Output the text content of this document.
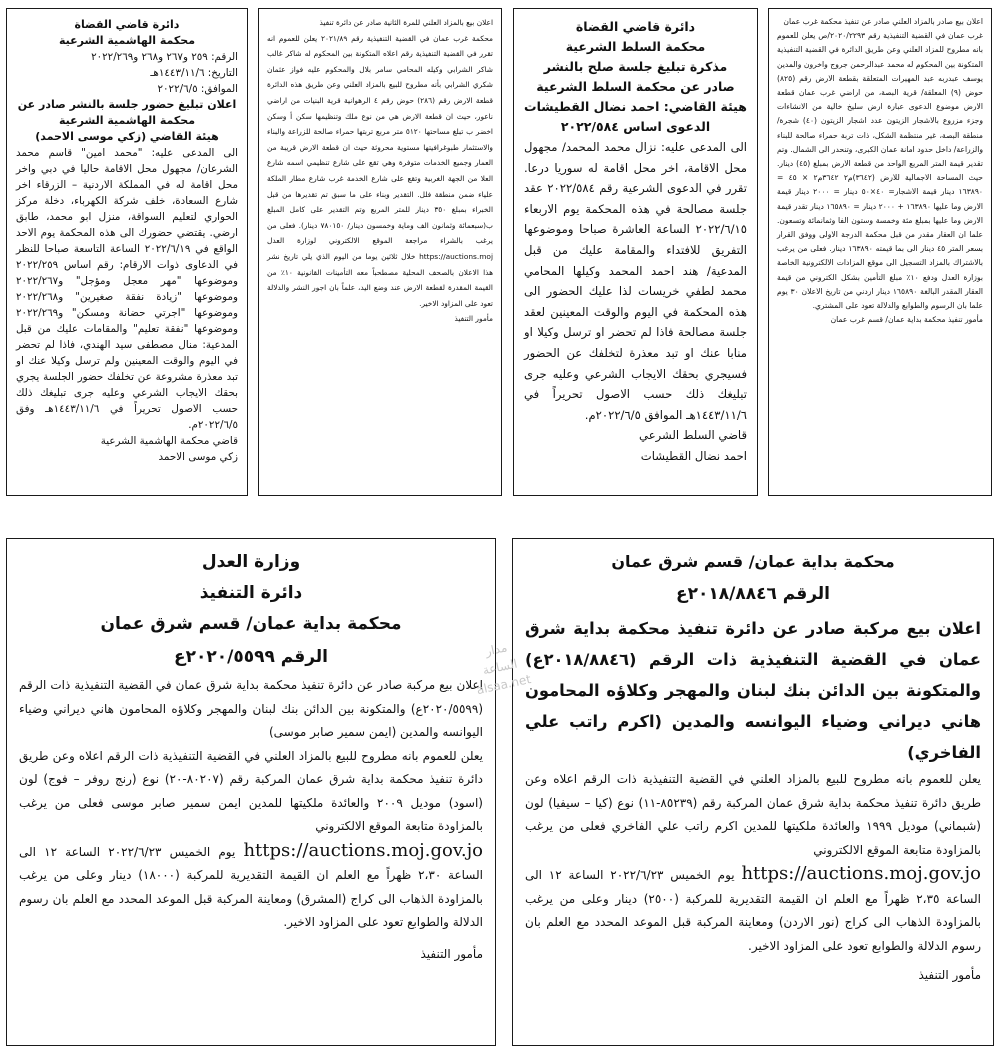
اعلان بيع صادر بالمزاد العلني صادر عن تنفيذ محكمة غرب عمان

غرب عمان في القضية التنفيذية رقم ٢٠٢٠/٢٢٩٣/ص يعلن للعموم بانه مطروح للمزاد العلني وعن طريق الدائرة في القضية التنفيذية المتكونة بين المحكوم له محمد عبدالرحمن جروج واخرون والمدين يوسف عبدربه عبد المهيرات المتعلقة بقطعة الارض رقم (٨٢٥) حوض (٩) المعلقة/ قرية البصة، من اراضي غرب عمان قطعة الارض موضوع الدعوى عبارة ارض سليخ خالية من الانشاءات وجزء مزروع بالاشجار الزيتون عدد اشجار الزيتون (٤٠) شجرة/ منطقة البصة، غير منتظمة الشكل، ذات تربة حمراء صالحة للبناء والزراعة/ داخل حدود امانة عمان الكبرى، وتنحدر الى الشمال. وتم تقدير قيمة المتر المربع الواحد من قطعة الارض بمبلغ (٤٥) دينار. حيث المساحة الاجمالية للارض (٣٦٤٢)م٢ ٣٦٤٢م٢ × ٤٥ = ١٦٣٨٩٠ دينار قيمة الاشجار= ٤٠×٥٠ دينار = ٢٠٠٠ دينار قيمة الارض وما عليها ١٦٣٨٩٠ + ٢٠٠٠ دينار = ١٦٥٨٩٠ دينار تقدر قيمة الارض وما عليها بمبلغ مئة وخمسة وستون الفا وثمانمائة وتسعون. علما ان العقار مقدر من قبل محكمة الدرجة الاولى ووفق القرار بسعر المتر ٤٥ دينار الى بما قيمته ١٦٣٨٩٠ دينار. فعلى من يرغب بالاشتراك بالمزاد التسجيل الى موقع المزادات الالكترونية الخاصة بوزارة العدل ودفع ١٠٪ مبلغ التأمين بشكل الكتروني من قيمة العقار المقدر البالغة ١٦٥٨٩٠ دينار اردني من تاريخ الاعلان ٣٠ يوم علما بان الرسوم والطوابع والدلالة تعود على المشتري.

مأمور تنفيذ محكمة بداية عمان/ قسم غرب عمان

دائرة قاضي القضاة

محكمة السلط الشرعية

مذكرة تبليغ جلسة صلح بالنشر

صادر عن محكمة السلط الشرعية

هيئة القاضي: احمد نضال القطيشات

الدعوى اساس ٢٠٢٢/٥٨٤

الى المدعى عليه: نزال محمد المحمد/ مجهول محل الاقامة، اخر محل اقامة له سوريا درعا. تقرر في الدعوى الشرعية رقم ٢٠٢٢/٥٨٤ عقد جلسة مصالحة في هذه المحكمة يوم الاربعاء ٢٠٢٢/٦/١٥ الساعة العاشرة صباحا وموضوعها التفريق للافتداء والمقامة عليك من قبل المدعية/ هند احمد المحمد وكيلها المحامي محمد لطفي خريسات لذا عليك الحضور الى هذه المحكمة في اليوم والوقت المعينين لعقد جلسة مصالحة فاذا لم تحضر او ترسل وكيلا او منابا عنك او تبد معذرة لتخلفك عن الحضور فسيجري بحقك الايجاب الشرعي وعليه جرى تبليغك ذلك حسب الاصول تحريراً في ١٤٤٣/١١/٦هـ الموافق ٢٠٢٢/٦/٥م.

قاضي السلط الشرعي

احمد نضال القطيشات

اعلان بيع بالمزاد العلني للمرة الثانية صادر عن دائرة تنفيذ

محكمة غرب عمان في القضية التنفيذية رقم ٢٠٢١/٨٩ يعلن للعموم انه تقرر في القضية التنفيذية رقم اعلاه المتكونة بين المحكوم له شاكر غالب شاكر الشرابي وكيله المحامي سامر بلال والمحكوم عليه فواز عثمان شكري الشرابي بأنه مطروح للبيع بالمزاد العلني وعن طريق هذه الدائرة قطعة الارض رقم (٢٨٦) حوض رقم ٤ الرهوانية قرية البنيات من اراضي ناعور، حيث ان قطعة الارض هي من نوع ملك وتنظيمها سكن أ وسكن اخضر ب تبلغ مساحتها ٥١٢٠ متر مربع تربتها حمراء صالحة للزراعة والبناء والاستثمار طبوغرافيتها مستوية محروثة حيث ان قطعة الارض قريبة من العمار وجميع الخدمات متوفرة وهي تقع على شارع تنظيمي اسمه شارع العلا من الجهة الغربية وتقع على شارع الخدمة غرب شارع مطار الملكة علياء ضمن منطقة فلل. التقدير وبناء على ما سبق تم تقديرها من قبل الخبراء بمبلغ ٣٥٠ دينار للمتر المربع وتم التقدير على كامل المبلغ ب(سبعمائة وثمانون الف وماية وخمسون دينار/ ٧٨٠١٥٠ دينار). فعلى من يرغب بالشراء مراجعة الموقع الالكتروني لوزارة العدل https://auctions.moj خلال ثلاثين يوما من اليوم الذي يلي تاريخ نشر هذا الاعلان بالصحف المحلية مصطحباً معه التأمينات القانونية ١٠٪ من القيمة المقدرة لقطعة الارض عند وضع اليد، علماً بان اجور النشر والدلالة تعود على المزاود الاخير.

مأمور التنفيذ

دائرة قاضي القضاة

محكمة الهاشمية الشرعية

الرقم: ٢٥٩ و٢٦٧ و٢٦٨ و٢٠٢٢/٢٦٩

التاريخ: ١٤٤٣/١١/٦هـ

الموافق: ٢٠٢٢/٦/٥

اعلان تبليغ حضور جلسة بالنشر صادر عن محكمة الهاشمية الشرعية

هيئة القاضي (زكي موسى الاحمد)

الى المدعى عليه: "محمد امين" قاسم محمد الشرعان/ مجهول محل الاقامة حاليا في دبي واخر محل اقامة له في المملكة الاردنية – الزرقاء اخر شارع السعادة، خلف شركة الكهرباء، دخلة مركز الحواري لتعليم السواقة، منزل ابو محمد، طابق ارضي. يقتضي حضورك الى هذه المحكمة يوم الاحد الواقع في ٢٠٢٢/٦/١٩ الساعة التاسعة صباحا للنظر في الدعاوى ذوات الارقام: رقم اساس ٢٠٢٢/٢٥٩ وموضوعها "مهر معجل ومؤجل" و٢٠٢٢/٢٦٧ وموضوعها "زيادة نفقة صغيرين" و٢٠٢٢/٢٦٨ وموضوعها "اجرتي حضانة ومسكن" و٢٠٢٢/٢٦٩ وموضوعها "نفقة تعليم" والمقامات عليك من قبل المدعية: منال مصطفى سيد الهندي، فاذا لم تحضر في اليوم والوقت المعينين ولم ترسل وكيلا عنك او تبد معذرة مشروعة عن تخلفك حضور الجلسة يجري بحقك الايجاب الشرعي وعليه جرى تبليغك ذلك حسب الاصول تحريراً في ١٤٤٣/١١/٦هـ وفق ٢٠٢٢/٦/٥م.

قاضي محكمة الهاشمية الشرعية

زكي موسى الاحمد

محكمة بداية عمان/ قسم شرق عمان

الرقم ٢٠١٨/٨٨٤٦ع

اعلان بيع مركبة صادر عن دائرة تنفيذ محكمة بداية شرق عمان في القضية التنفيذية ذات الرقم (٢٠١٨/٨٨٤٦ع) والمتكونة بين الدائن بنك لبنان والمهجر وكلاؤه المحامون هاني ديراني وضياء اليوانسه والمدين (اكرم راتب علي الفاخري)

يعلن للعموم بانه مطروح للبيع بالمزاد العلني في القضية التنفيذية ذات الرقم اعلاه وعن طريق دائرة تنفيذ محكمة بداية شرق عمان المركبة رقم (٨٥٢٣٩-١١) نوع (كيا – سيفيا) لون (شبماني) موديل ١٩٩٩ والعائدة ملكيتها للمدين اكرم راتب علي الفاخري فعلى من يرغب بالمزاودة متابعة الموقع الالكتروني

https://auctions.moj.gov.jo يوم الخميس ٢٠٢٢/٦/٢٣ الساعة ١٢ الى الساعة ٢،٣٥ ظهراً مع العلم ان القيمة التقديرية للمركبة (٢٥٠٠) دينار وعلى من يرغب بالمزاودة الذهاب الى كراج (نور الاردن) ومعاينة المركبة قبل الموعد المحدد مع العلم بان رسوم الدلالة والطوابع تعود على المزاود الاخير.

مأمور التنفيذ

وزارة العدل

دائرة التنفيذ

محكمة بداية عمان/ قسم شرق عمان

الرقم ٢٠٢٠/٥٥٩٩ع

اعلان بيع مركبة صادر عن دائرة تنفيذ محكمة بداية شرق عمان في القضية التنفيذية ذات الرقم (٢٠٢٠/٥٥٩٩ع) والمتكونة بين الدائن بنك لبنان والمهجر وكلاؤه المحامون هاني ديراني وضياء اليوانسه والمدين (ايمن سمير صابر موسى)

يعلن للعموم بانه مطروح للبيع بالمزاد العلني في القضية التنفيذية ذات الرقم اعلاه وعن طريق دائرة تنفيذ محكمة بداية شرق عمان المركبة رقم (٨٠٢٠٧-٢٠) نوع (رنج روفر – فوج) لون (اسود) موديل ٢٠٠٩ والعائدة ملكيتها للمدين ايمن سمير صابر موسى فعلى من يرغب بالمزاودة متابعة الموقع الالكتروني

https://auctions.moj.gov.jo يوم الخميس ٢٠٢٢/٦/٢٣ الساعة ١٢ الى الساعة ٢،٣٠ ظهراً مع العلم ان القيمة التقديرية للمركبة (١٨٠٠٠) دينار وعلى من يرغب بالمزاودة الذهاب الى كراج (المشرق) ومعاينة المركبة قبل الموعد المحدد مع العلم بان رسوم الدلالة والطوابع تعود على المزاود الاخير.

مأمور التنفيذ

مدار الساعة
alsaa.net
